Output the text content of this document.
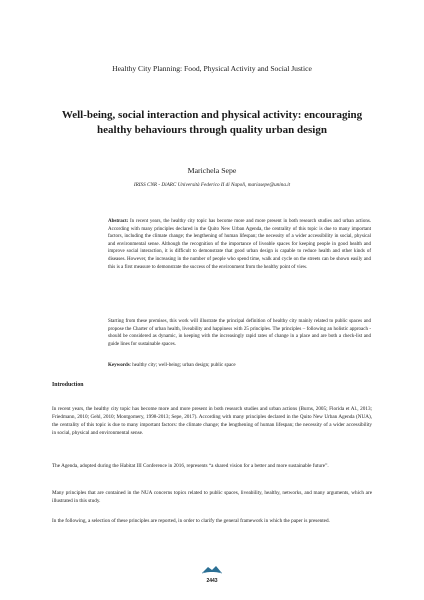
Healthy City Planning: Food, Physical Activity and Social Justice
Well-being, social interaction and physical activity: encouraging healthy behaviours through quality urban design
Marichela Sepe
IRISS CNR - DiARC Università Federico II di Napoli, mariasepe@unina.it
Abstract: In recent years, the healthy city topic has become more and more present in both research studies and urban actions. According with many principles declared in the Quito New Urban Agenda, the centrality of this topic is due to many important factors, including the climate change; the lengthening of human lifespan; the necessity of a wider accessibility in social, physical and environmental sense. Although the recognition of the importance of liveable spaces for keeping people in good health and improve social interaction, it is difficult to demonstrate that good urban design is capable to reduce health and other kinds of diseases. However, the increasing in the number of people who spend time, walk and cycle on the streets can be shown easily and this is a first measure to demonstrate the success of the environment from the healthy point of view.
Starting from these premises, this work will illustrate the principal definition of healthy city mainly related to public spaces and propose the Charter of urban health, liveability and happiness with 25 principles. The principles – following an holistic approach - should be considered as dynamic, in keeping with the increasingly rapid rates of change in a place and are both a check-list and guide lines for sustainable spaces.
Keywords: healthy city; well-being; urban design; public space
Introduction

In recent years, the healthy city topic has become more and more present in both research studies and urban actions (Burns, 2005; Florida et Al., 2013; Friedmann, 2010; Gehl, 2010; Montgomery, 1998-2013; Sepe, 2017). According with many principles declared in the Quito New Urban Agenda (NUA), the centrality of this topic is due to many important factors: the climate change; the lengthening of human lifespan; the necessity of a wider accessibility in social, physical and environmental sense.

The Agenda, adopted during the Habitat III Conference in 2016, represents “a shared vision for a better and more sustainable future”.

Many principles that are contained in the NUA concerns topics related to public spaces, liveability, healthy, networks, and many arguments, which are illustrated in this study.

In the following, a selection of these principles are reported, in order to clarify the general framework in which the paper is presented.

2443
